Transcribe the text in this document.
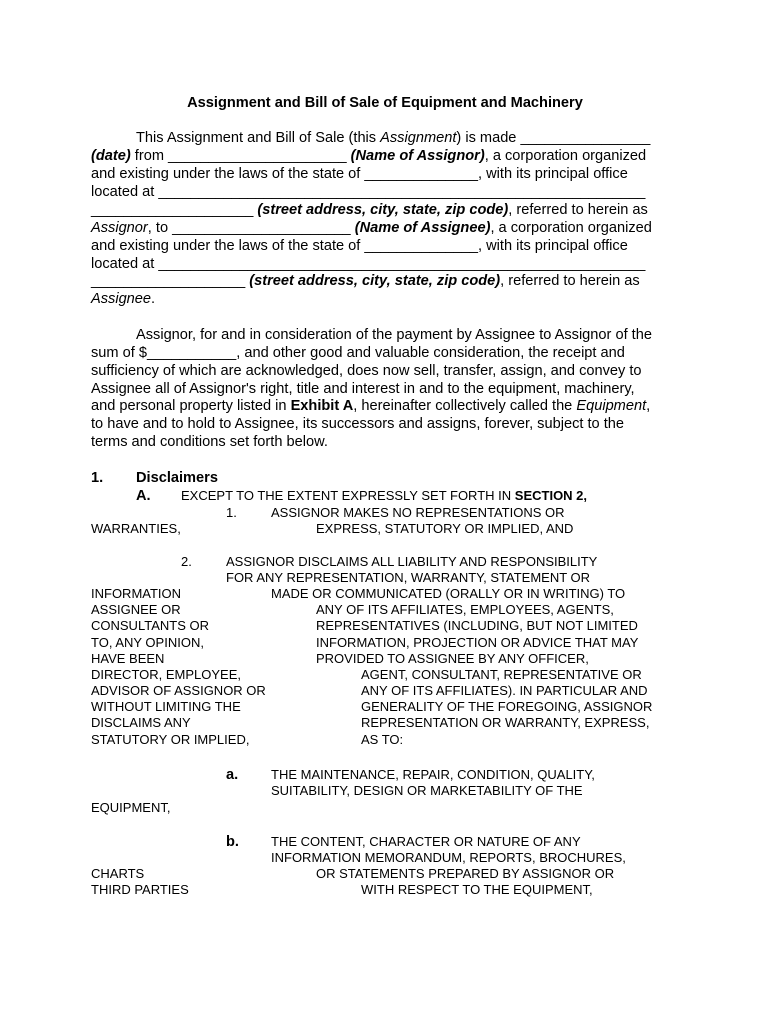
Assignment and Bill of Sale of Equipment and Machinery
This Assignment and Bill of Sale (this Assignment) is made ________________
(date) from ______________________ (Name of Assignor), a corporation organized
and existing under the laws of the state of ______________, with its principal office
located at ____________________________________________________________
____________________ (street address, city, state, zip code), referred to herein as
Assignor, to ______________________ (Name of Assignee), a corporation organized
and existing under the laws of the state of ______________, with its principal office
located at ____________________________________________________________
___________________ (street address, city, state, zip code), referred to herein as
Assignee.
Assignor, for and in consideration of the payment by Assignee to Assignor of the
sum of $___________, and other good and valuable consideration, the receipt and
sufficiency of which are acknowledged, does now sell, transfer, assign, and convey to
Assignee all of Assignor's right, title and interest in and to the equipment, machinery,
and personal property listed in Exhibit A, hereinafter collectively called the Equipment,
to have and to hold to Assignee, its successors and assigns, forever, subject to the
terms and conditions set forth below.
1. Disclaimers
A. EXCEPT TO THE EXTENT EXPRESSLY SET FORTH IN SECTION 2,
1.	ASSIGNOR MAKES NO REPRESENTATIONS OR
WARRANTIES,	EXPRESS, STATUTORY OR IMPLIED, AND
2.	ASSIGNOR DISCLAIMS ALL LIABILITY AND RESPONSIBILITY
FOR ANY REPRESENTATION, WARRANTY, STATEMENT OR
INFORMATION	MADE OR COMMUNICATED (ORALLY OR IN WRITING) TO
ASSIGNEE OR	ANY OF ITS AFFILIATES, EMPLOYEES, AGENTS,
CONSULTANTS OR	REPRESENTATIVES (INCLUDING, BUT NOT LIMITED
TO, ANY OPINION,	INFORMATION, PROJECTION OR ADVICE THAT MAY
HAVE BEEN	PROVIDED TO ASSIGNEE BY ANY OFFICER,
DIRECTOR, EMPLOYEE,	AGENT, CONSULTANT, REPRESENTATIVE OR
ADVISOR OF ASSIGNOR OR	ANY OF ITS AFFILIATES). IN PARTICULAR AND
WITHOUT LIMITING THE	GENERALITY OF THE FOREGOING, ASSIGNOR
DISCLAIMS ANY	REPRESENTATION OR WARRANTY, EXPRESS,
STATUTORY OR IMPLIED,	AS TO:
a.	THE MAINTENANCE, REPAIR, CONDITION, QUALITY,
SUITABILITY, DESIGN OR MARKETABILITY OF THE
EQUIPMENT,
b. THE CONTENT, CHARACTER OR NATURE OF ANY
INFORMATION MEMORANDUM, REPORTS, BROCHURES,
CHARTS	OR STATEMENTS PREPARED BY ASSIGNOR OR
THIRD PARTIES	WITH RESPECT TO THE EQUIPMENT,
